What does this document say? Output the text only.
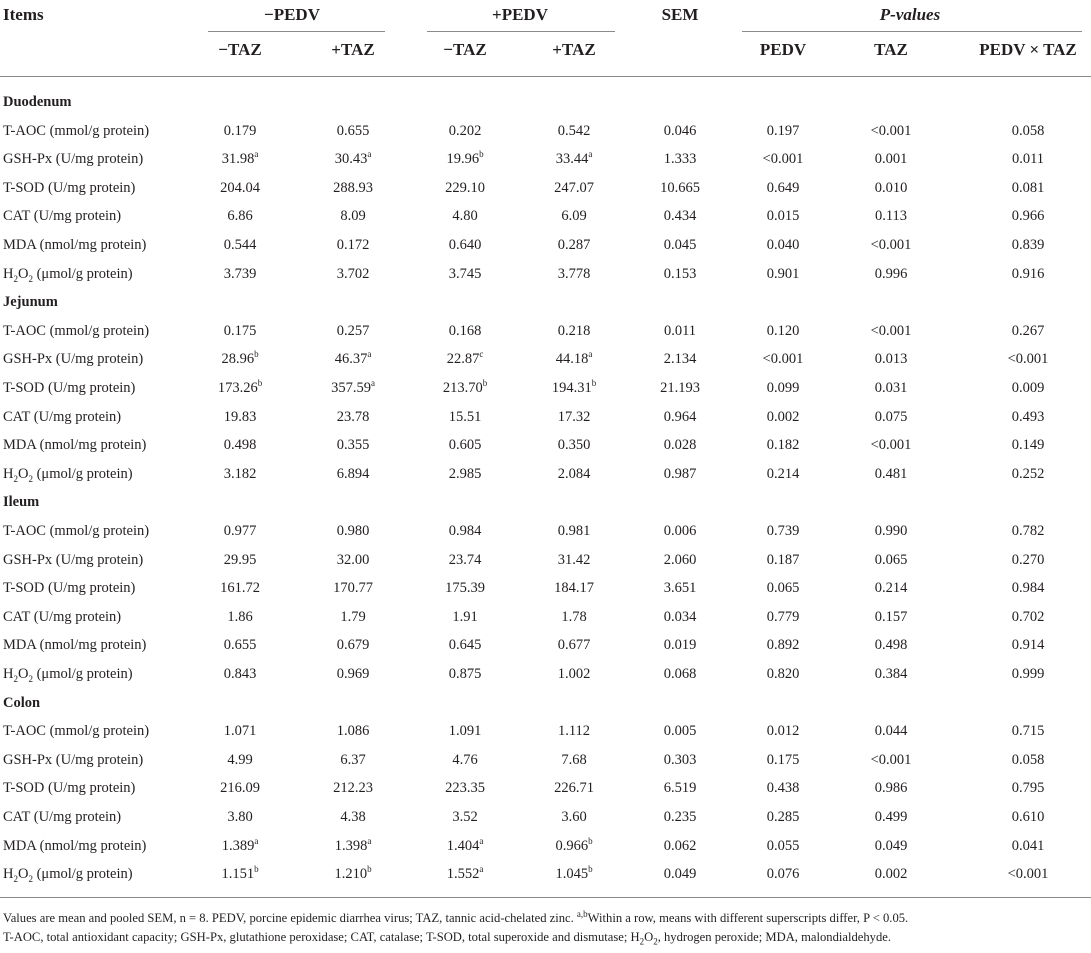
Items	−PEDV	+PEDV	SEM	P-values
−TAZ	+TAZ	−TAZ	+TAZ	PEDV	TAZ	PEDV × TAZ
Duodenum
T-AOC (mmol/g protein)	0.179	0.655	0.202	0.542	0.046	0.197	<0.001	0.058
GSH-Px (U/mg protein)	31.98$^a$	30.43$^a$	19.96$^b$	33.44$^a$	1.333	<0.001	0.001	0.011
T-SOD (U/mg protein)	204.04	288.93	229.10	247.07	10.665	0.649	0.010	0.081
CAT (U/mg protein)	6.86	8.09	4.80	6.09	0.434	0.015	0.113	0.966
MDA (nmol/mg protein)	0.544	0.172	0.640	0.287	0.045	0.040	<0.001	0.839
$H_2O_2$ (μmol/g protein)	3.739	3.702	3.745	3.778	0.153	0.901	0.996	0.916
Jejunum
T-AOC (mmol/g protein)	0.175	0.257	0.168	0.218	0.011	0.120	<0.001	0.267
GSH-Px (U/mg protein)	28.96$^b$	46.37$^a$	22.87$^c$	44.18$^a$	2.134	<0.001	0.013	<0.001
T-SOD (U/mg protein)	173.26$^b$	357.59$^a$	213.70$^b$	194.31$^b$	21.193	0.099	0.031	0.009
CAT (U/mg protein)	19.83	23.78	15.51	17.32	0.964	0.002	0.075	0.493
MDA (nmol/mg protein)	0.498	0.355	0.605	0.350	0.028	0.182	<0.001	0.149
$H_2O_2$ (μmol/g protein)	3.182	6.894	2.985	2.084	0.987	0.214	0.481	0.252
Ileum
T-AOC (mmol/g protein)	0.977	0.980	0.984	0.981	0.006	0.739	0.990	0.782
GSH-Px (U/mg protein)	29.95	32.00	23.74	31.42	2.060	0.187	0.065	0.270
T-SOD (U/mg protein)	161.72	170.77	175.39	184.17	3.651	0.065	0.214	0.984
CAT (U/mg protein)	1.86	1.79	1.91	1.78	0.034	0.779	0.157	0.702
MDA (nmol/mg protein)	0.655	0.679	0.645	0.677	0.019	0.892	0.498	0.914
$H_2O_2$ (μmol/g protein)	0.843	0.969	0.875	1.002	0.068	0.820	0.384	0.999
Colon
T-AOC (mmol/g protein)	1.071	1.086	1.091	1.112	0.005	0.012	0.044	0.715
GSH-Px (U/mg protein)	4.99	6.37	4.76	7.68	0.303	0.175	<0.001	0.058
T-SOD (U/mg protein)	216.09	212.23	223.35	226.71	6.519	0.438	0.986	0.795
CAT (U/mg protein)	3.80	4.38	3.52	3.60	0.235	0.285	0.499	0.610
MDA (nmol/mg protein)	1.389$^a$	1.398$^a$	1.404$^a$	0.966$^b$	0.062	0.055	0.049	0.041
$H_2O_2$ (μmol/g protein)	1.151$^b$	1.210$^b$	1.552$^a$	1.045$^b$	0.049	0.076	0.002	<0.001
Values are mean and pooled SEM, n = 8. PEDV, porcine epidemic diarrhea virus; TAZ, tannic acid-chelated zinc. $^{a,b}$Within a row, means with different superscripts differ, P < 0.05.
T-AOC, total antioxidant capacity; GSH-Px, glutathione peroxidase; CAT, catalase; T-SOD, total superoxide and dismutase; $H_2O_2$, hydrogen peroxide; MDA, malondialdehyde.
